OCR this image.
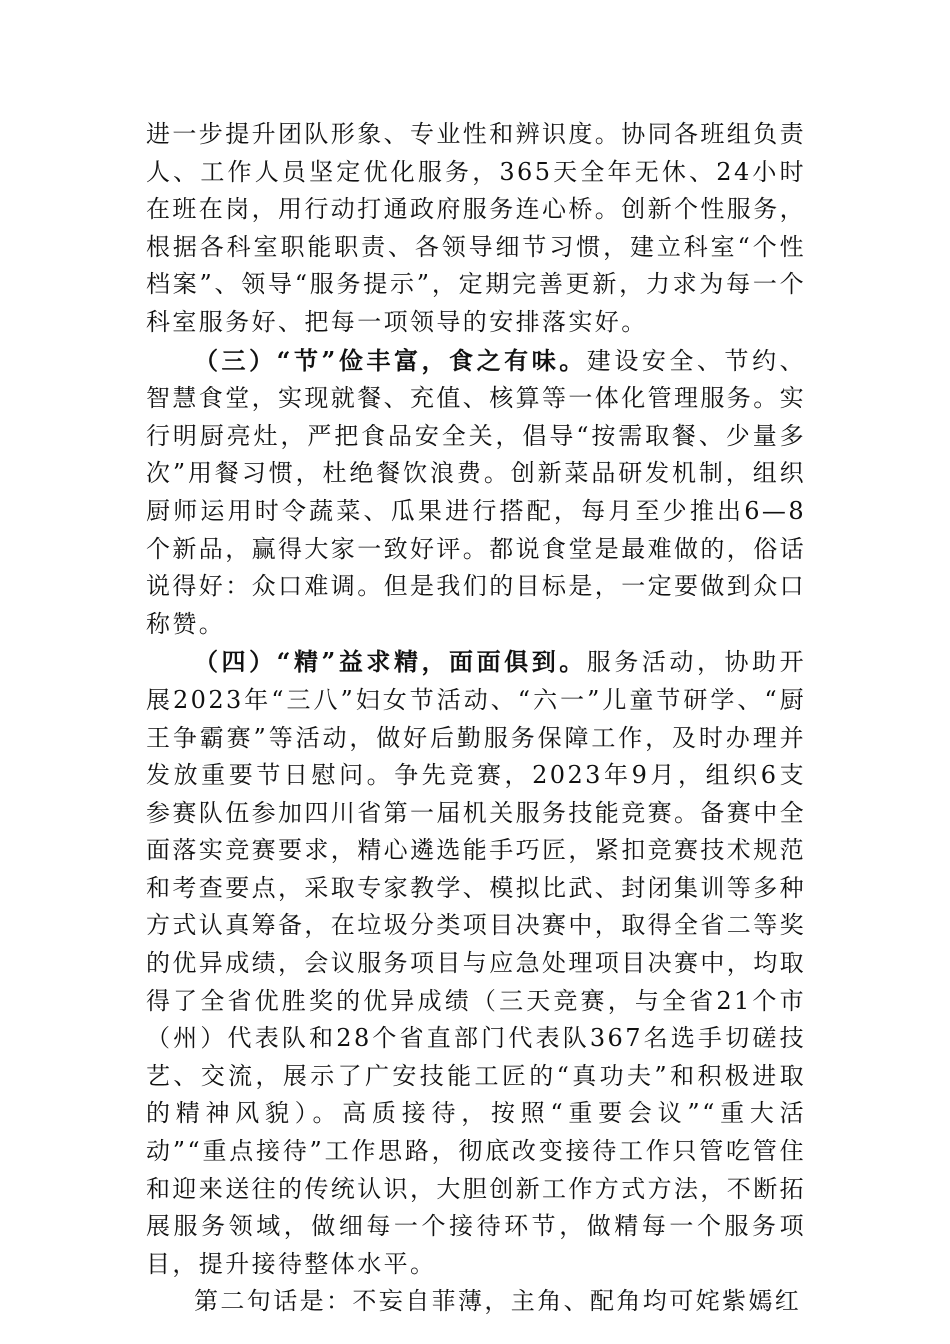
进一步提升团队形象、专业性和辨识度。协同各班组负责人、工作人员坚定优化服务，365天全年无休、24小时在班在岗，用行动打通政府服务连心桥。创新个性服务，根据各科室职能职责、各领导细节习惯，建立科室“个性档案”、领导“服务提示”，定期完善更新，力求为每一个科室服务好、把每一项领导的安排落实好。

（三）“节”俭丰富，食之有味。建设安全、节约、智慧食堂，实现就餐、充值、核算等一体化管理服务。实行明厨亮灶，严把食品安全关，倡导“按需取餐、少量多次”用餐习惯，杜绝餐饮浪费。创新菜品研发机制，组织厨师运用时令蔬菜、瓜果进行搭配，每月至少推出6—8个新品，赢得大家一致好评。都说食堂是最难做的，俗话说得好：众口难调。但是我们的目标是，一定要做到众口称赞。

（四）“精”益求精，面面俱到。服务活动，协助开展2023年“三八”妇女节活动、“六一”儿童节研学、“厨王争霸赛”等活动，做好后勤服务保障工作，及时办理并发放重要节日慰问。争先竞赛，2023年9月，组织6支参赛队伍参加四川省第一届机关服务技能竞赛。备赛中全面落实竞赛要求，精心遴选能手巧匠，紧扣竞赛技术规范和考查要点，采取专家教学、模拟比武、封闭集训等多种方式认真筹备，在垃圾分类项目决赛中，取得全省二等奖的优异成绩，会议服务项目与应急处理项目决赛中，均取得了全省优胜奖的优异成绩（三天竞赛，与全省21个市（州）代表队和28个省直部门代表队367名选手切磋技艺、交流，展示了广安技能工匠的“真功夫”和积极进取的精神风貌）。高质接待，按照“重要会议”“重大活动”“重点接待”工作思路，彻底改变接待工作只管吃管住和迎来送往的传统认识，大胆创新工作方式方法，不断拓展服务领域，做细每一个接待环节，做精每一个服务项目，提升接待整体水平。

第二句话是：不妄自菲薄，主角、配角均可姹紫嫣红
